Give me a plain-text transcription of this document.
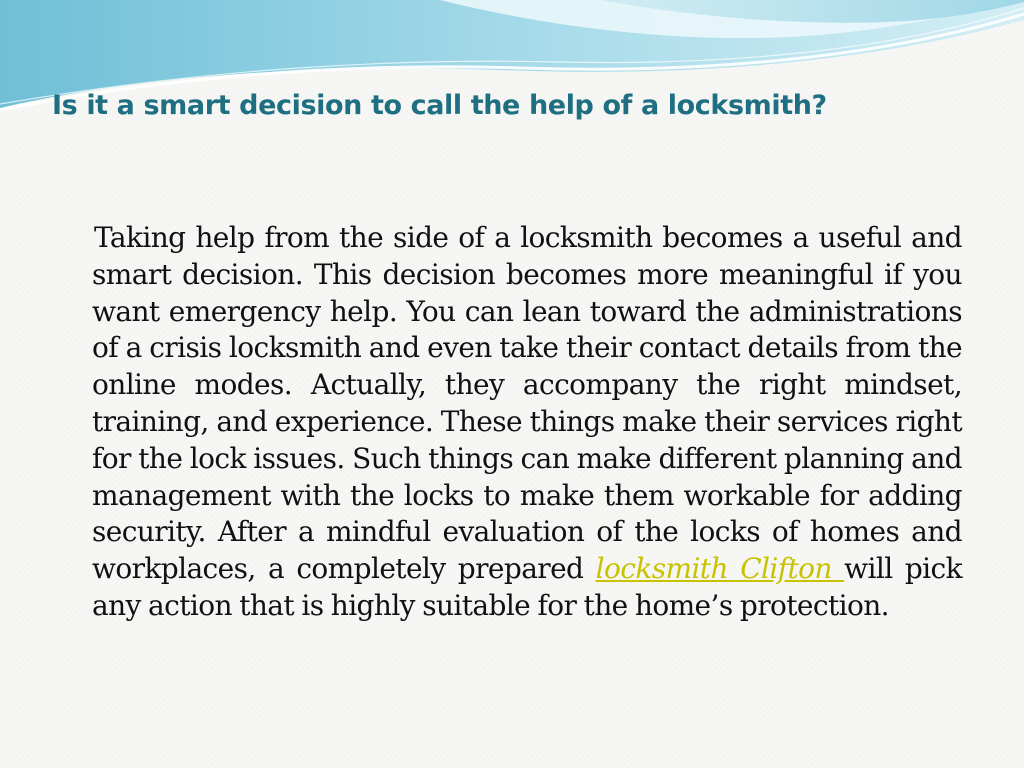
Is it a smart decision to call the help of a locksmith?

Taking help from the side of a locksmith becomes a useful and smart decision. This decision becomes more meaningful if you want emergency help. You can lean toward the administrations of a crisis locksmith and even take their contact details from the online modes. Actually, they accompany the right mindset, training, and experience. These things make their services right for the lock issues. Such things can make different planning and management with the locks to make them workable for adding security. After a mindful evaluation of the locks of homes and workplaces, a completely prepared locksmith Clifton will pick any action that is highly suitable for the home’s protection.
